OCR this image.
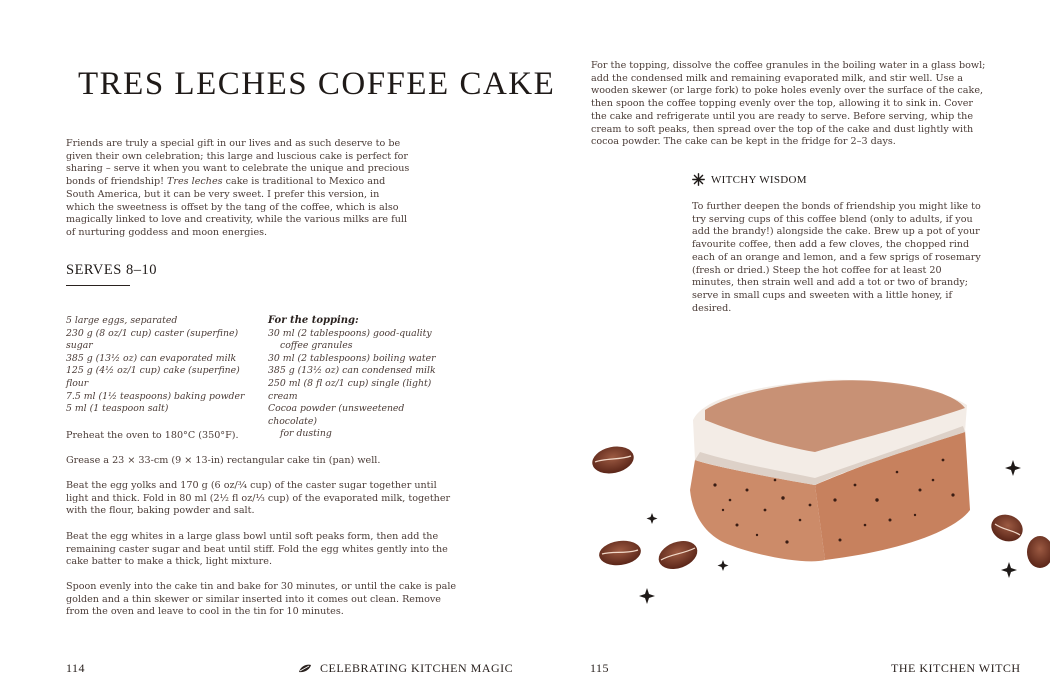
TRES LECHES COFFEE CAKE

Friends are truly a special gift in our lives and as such deserve to be given their own celebration; this large and luscious cake is perfect for sharing – serve it when you want to celebrate the unique and precious bonds of friendship! Tres leches cake is traditional to Mexico and South America, but it can be very sweet. I prefer this version, in which the sweetness is offset by the tang of the coffee, which is also magically linked to love and creativity, while the various milks are full of nurturing goddess and moon energies.

SERVES 8–10
5 large eggs, separated
230 g (8 oz/1 cup) caster (superfine) sugar
385 g (13½ oz) can evaporated milk
125 g (4½ oz/1 cup) cake (superfine) flour
7.5 ml (1½ teaspoons) baking powder
5 ml (1 teaspoon salt)
For the topping:
30 ml (2 tablespoons) good-quality
coffee granules
30 ml (2 tablespoons) boiling water
385 g (13½ oz) can condensed milk
250 ml (8 fl oz/1 cup) single (light) cream
Cocoa powder (unsweetened chocolate)
for dusting

Preheat the oven to 180°C (350°F).

Grease a 23 × 33-cm (9 × 13-in) rectangular cake tin (pan) well.

Beat the egg yolks and 170 g (6 oz/¾ cup) of the caster sugar together until light and thick. Fold in 80 ml (2½ fl oz/⅓ cup) of the evaporated milk, together with the flour, baking powder and salt.

Beat the egg whites in a large glass bowl until soft peaks form, then add the remaining caster sugar and beat until stiff. Fold the egg whites gently into the cake batter to make a thick, light mixture.

Spoon evenly into the cake tin and bake for 30 minutes, or until the cake is pale golden and a thin skewer or similar inserted into it comes out clean. Remove from the oven and leave to cool in the tin for 10 minutes.

114	CELEBRATING KITCHEN MAGIC

For the topping, dissolve the coffee granules in the boiling water in a glass bowl; add the condensed milk and remaining evaporated milk, and stir well. Use a wooden skewer (or large fork) to poke holes evenly over the surface of the cake, then spoon the coffee topping evenly over the top, allowing it to sink in. Cover the cake and refrigerate until you are ready to serve. Before serving, whip the cream to soft peaks, then spread over the top of the cake and dust lightly with cocoa powder. The cake can be kept in the fridge for 2–3 days.

WITCHY WISDOM

To further deepen the bonds of friendship you might like to try serving cups of this coffee blend (only to adults, if you add the brandy!) alongside the cake. Brew up a pot of your favourite coffee, then add a few cloves, the chopped rind each of an orange and lemon, and a few sprigs of rosemary (fresh or dried.) Steep the hot coffee for at least 20 minutes, then strain well and add a tot or two of brandy; serve in small cups and sweeten with a little honey, if desired.

115	THE KITCHEN WITCH
